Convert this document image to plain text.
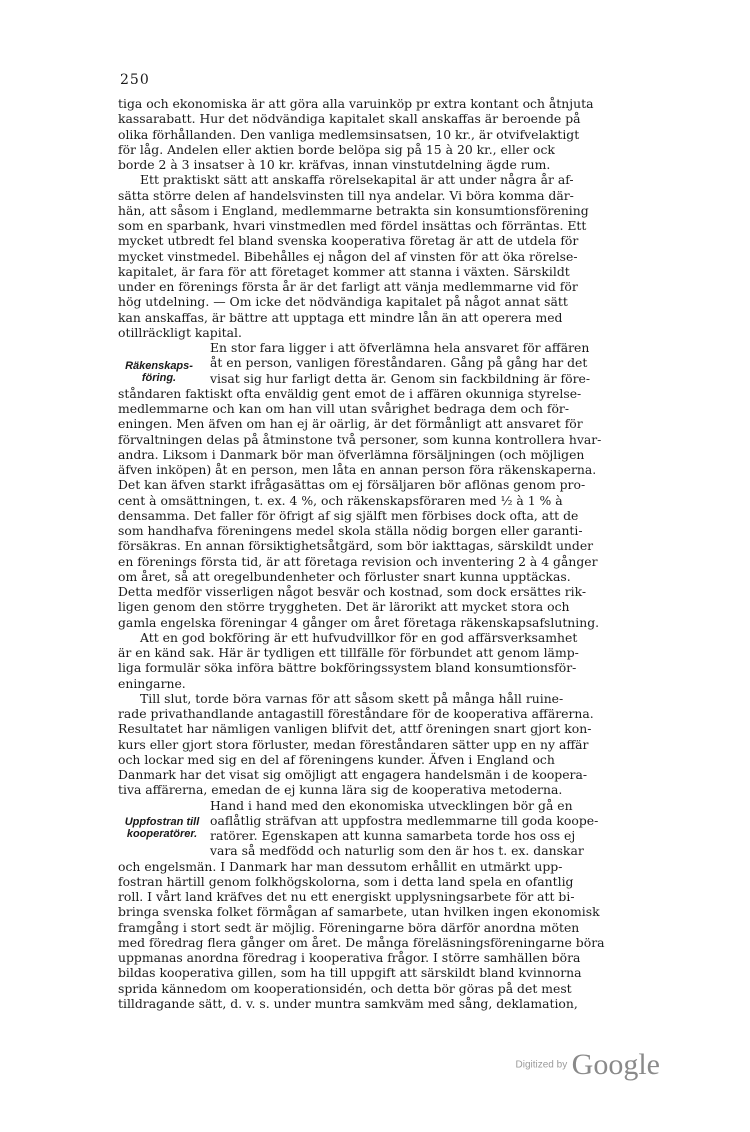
250
Räkenskaps-föring.
Uppfostran till kooperatörer.

tiga och ekonomiska är att göra alla varuinköp pr extra kontant och åtnjuta

kassarabatt. Hur det nödvändiga kapitalet skall anskaffas är beroende på

olika förhållanden. Den vanliga medlemsinsatsen, 10 kr., är otvifvelaktigt

för låg. Andelen eller aktien borde belöpa sig på 15 à 20 kr., eller ock

borde 2 à 3 insatser à 10 kr. kräfvas, innan vinstutdelning ägde rum.

Ett praktiskt sätt att anskaffa rörelsekapital är att under några år af-

sätta större delen af handelsvinsten till nya andelar. Vi böra komma där-

hän, att såsom i England, medlemmarne betrakta sin konsumtionsförening

som en sparbank, hvari vinstmedlen med fördel insättas och förräntas. Ett

mycket utbredt fel bland svenska kooperativa företag är att de utdela för

mycket vinstmedel. Bibehålles ej någon del af vinsten för att öka rörelse-

kapitalet, är fara för att företaget kommer att stanna i växten. Särskildt

under en förenings första år är det farligt att vänja medlemmarne vid för

hög utdelning. — Om icke det nödvändiga kapitalet på något annat sätt

kan anskaffas, är bättre att upptaga ett mindre lån än att operera med

otillräckligt kapital.

En stor fara ligger i att öfverlämna hela ansvaret för affären

åt en person, vanligen föreståndaren. Gång på gång har det

visat sig hur farligt detta är. Genom sin fackbildning är före-

ståndaren faktiskt ofta enväldig gent emot de i affären okunniga styrelse-

medlemmarne och kan om han vill utan svårighet bedraga dem och för-

eningen. Men äfven om han ej är oärlig, är det förmånligt att ansvaret för

förvaltningen delas på åtminstone två personer, som kunna kontrollera hvar-

andra. Liksom i Danmark bör man öfverlämna försäljningen (och möjligen

äfven inköpen) åt en person, men låta en annan person föra räkenskaperna.

Det kan äfven starkt ifrågasättas om ej försäljaren bör aflönas genom pro-

cent à omsättningen, t. ex. 4 %, och räkenskapsföraren med ½ à 1 % à

densamma. Det faller för öfrigt af sig själft men förbises dock ofta, att de

som handhafva föreningens medel skola ställa nödig borgen eller garanti-

försäkras. En annan försiktighetsåtgärd, som bör iakttagas, särskildt under

en förenings första tid, är att företaga revision och inventering 2 à 4 gånger

om året, så att oregelbundenheter och förluster snart kunna upptäckas.

Detta medför visserligen något besvär och kostnad, som dock ersättes rik-

ligen genom den större tryggheten. Det är lärorikt att mycket stora och

gamla engelska föreningar 4 gånger om året företaga räkenskapsafslutning.

Att en god bokföring är ett hufvudvillkor för en god affärsverksamhet

är en känd sak. Här är tydligen ett tillfälle för förbundet att genom lämp-

liga formulär söka införa bättre bokföringssystem bland konsumtionsför-

eningarne.

Till slut, torde böra varnas för att såsom skett på många håll ruine-

rade privathandlande antagastill föreståndare för de kooperativa affärerna.

Resultatet har nämligen vanligen blifvit det, attf öreningen snart gjort kon-

kurs eller gjort stora förluster, medan föreståndaren sätter upp en ny affär

och lockar med sig en del af föreningens kunder. Äfven i England och

Danmark har det visat sig omöjligt att engagera handelsmän i de koopera-

tiva affärerna, emedan de ej kunna lära sig de kooperativa metoderna.

Hand i hand med den ekonomiska utvecklingen bör gå en

oaflåtlig sträfvan att uppfostra medlemmarne till goda koope-

ratörer. Egenskapen att kunna samarbeta torde hos oss ej

vara så medfödd och naturlig som den är hos t. ex. danskar

och engelsmän. I Danmark har man dessutom erhållit en utmärkt upp-

fostran härtill genom folkhögskolorna, som i detta land spela en ofantlig

roll. I vårt land kräfves det nu ett energiskt upplysningsarbete för att bi-

bringa svenska folket förmågan af samarbete, utan hvilken ingen ekonomisk

framgång i stort sedt är möjlig. Föreningarne böra därför anordna möten

med föredrag flera gånger om året. De många föreläsningsföreningarne böra

uppmanas anordna föredrag i kooperativa frågor. I större samhällen böra

bildas kooperativa gillen, som ha till uppgift att särskildt bland kvinnorna

sprida kännedom om kooperationsidén, och detta bör göras på det mest

tilldragande sätt, d. v. s. under muntra samkväm med sång, deklamation,

Digitized by Google
